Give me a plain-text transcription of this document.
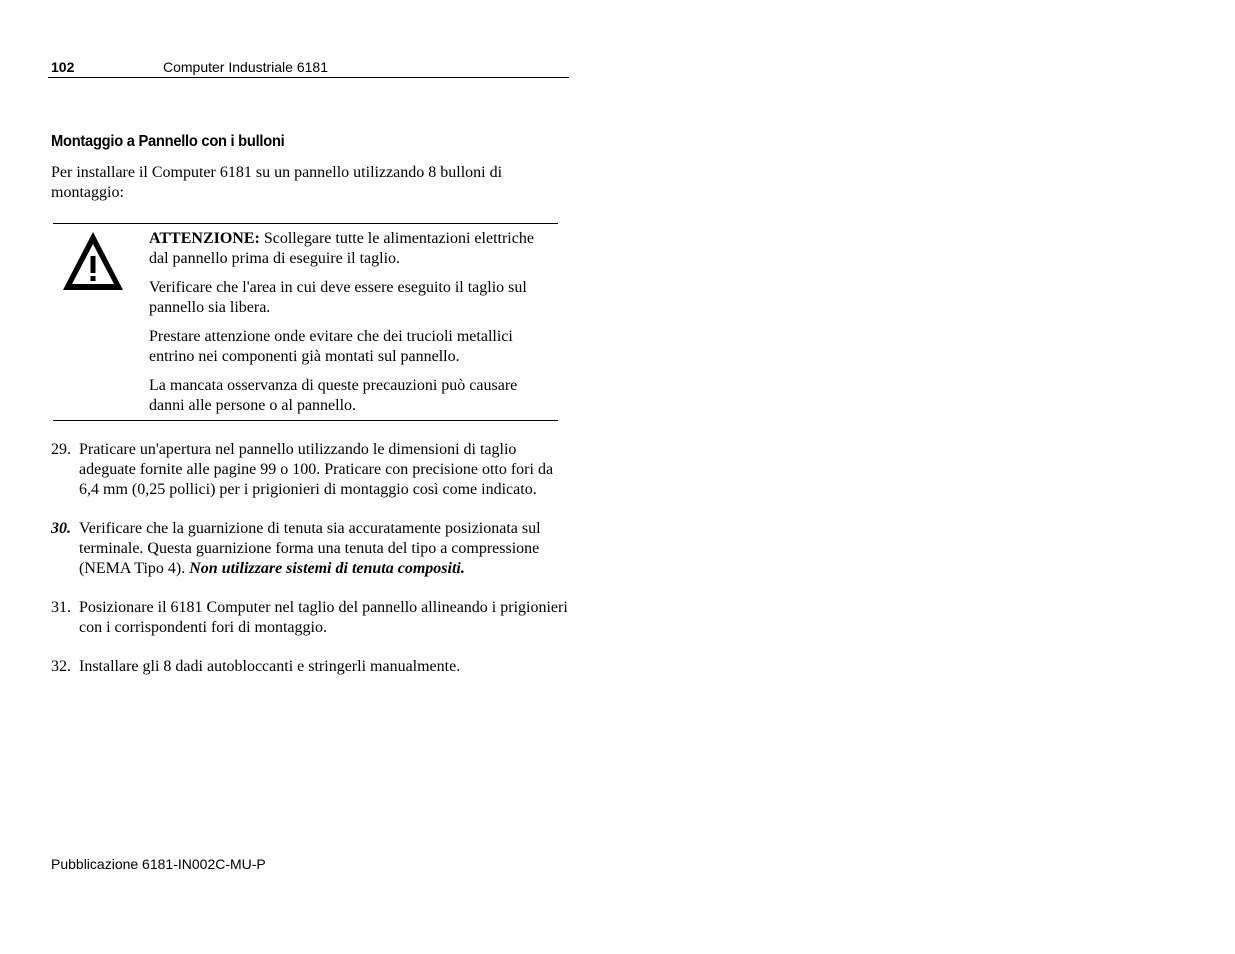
102	Computer Industriale 6181
Montaggio a Pannello con i bulloni
Per installare il Computer 6181 su un pannello utilizzando 8 bulloni di montaggio:

ATTENZIONE: Scollegare tutte le alimentazioni elettriche dal pannello prima di eseguire il taglio.

Verificare che l'area in cui deve essere eseguito il taglio sul pannello sia libera.

Prestare attenzione onde evitare che dei trucioli metallici entrino nei componenti già montati sul pannello.

La mancata osservanza di queste precauzioni può causare danni alle persone o al pannello.

29. Praticare un'apertura nel pannello utilizzando le dimensioni di taglio adeguate fornite alle pagine 99 o 100. Praticare con precisione otto fori da 6,4 mm (0,25 pollici) per i prigionieri di montaggio così come indicato.
30. Verificare che la guarnizione di tenuta sia accuratamente posizionata sul terminale. Questa guarnizione forma una tenuta del tipo a compressione (NEMA Tipo 4). Non utilizzare sistemi di tenuta compositi.
31. Posizionare il 6181 Computer nel taglio del pannello allineando i prigionieri con i corrispondenti fori di montaggio.
32. Installare gli 8 dadi autobloccanti e stringerli manualmente.
Pubblicazione 6181-IN002C-MU-P
